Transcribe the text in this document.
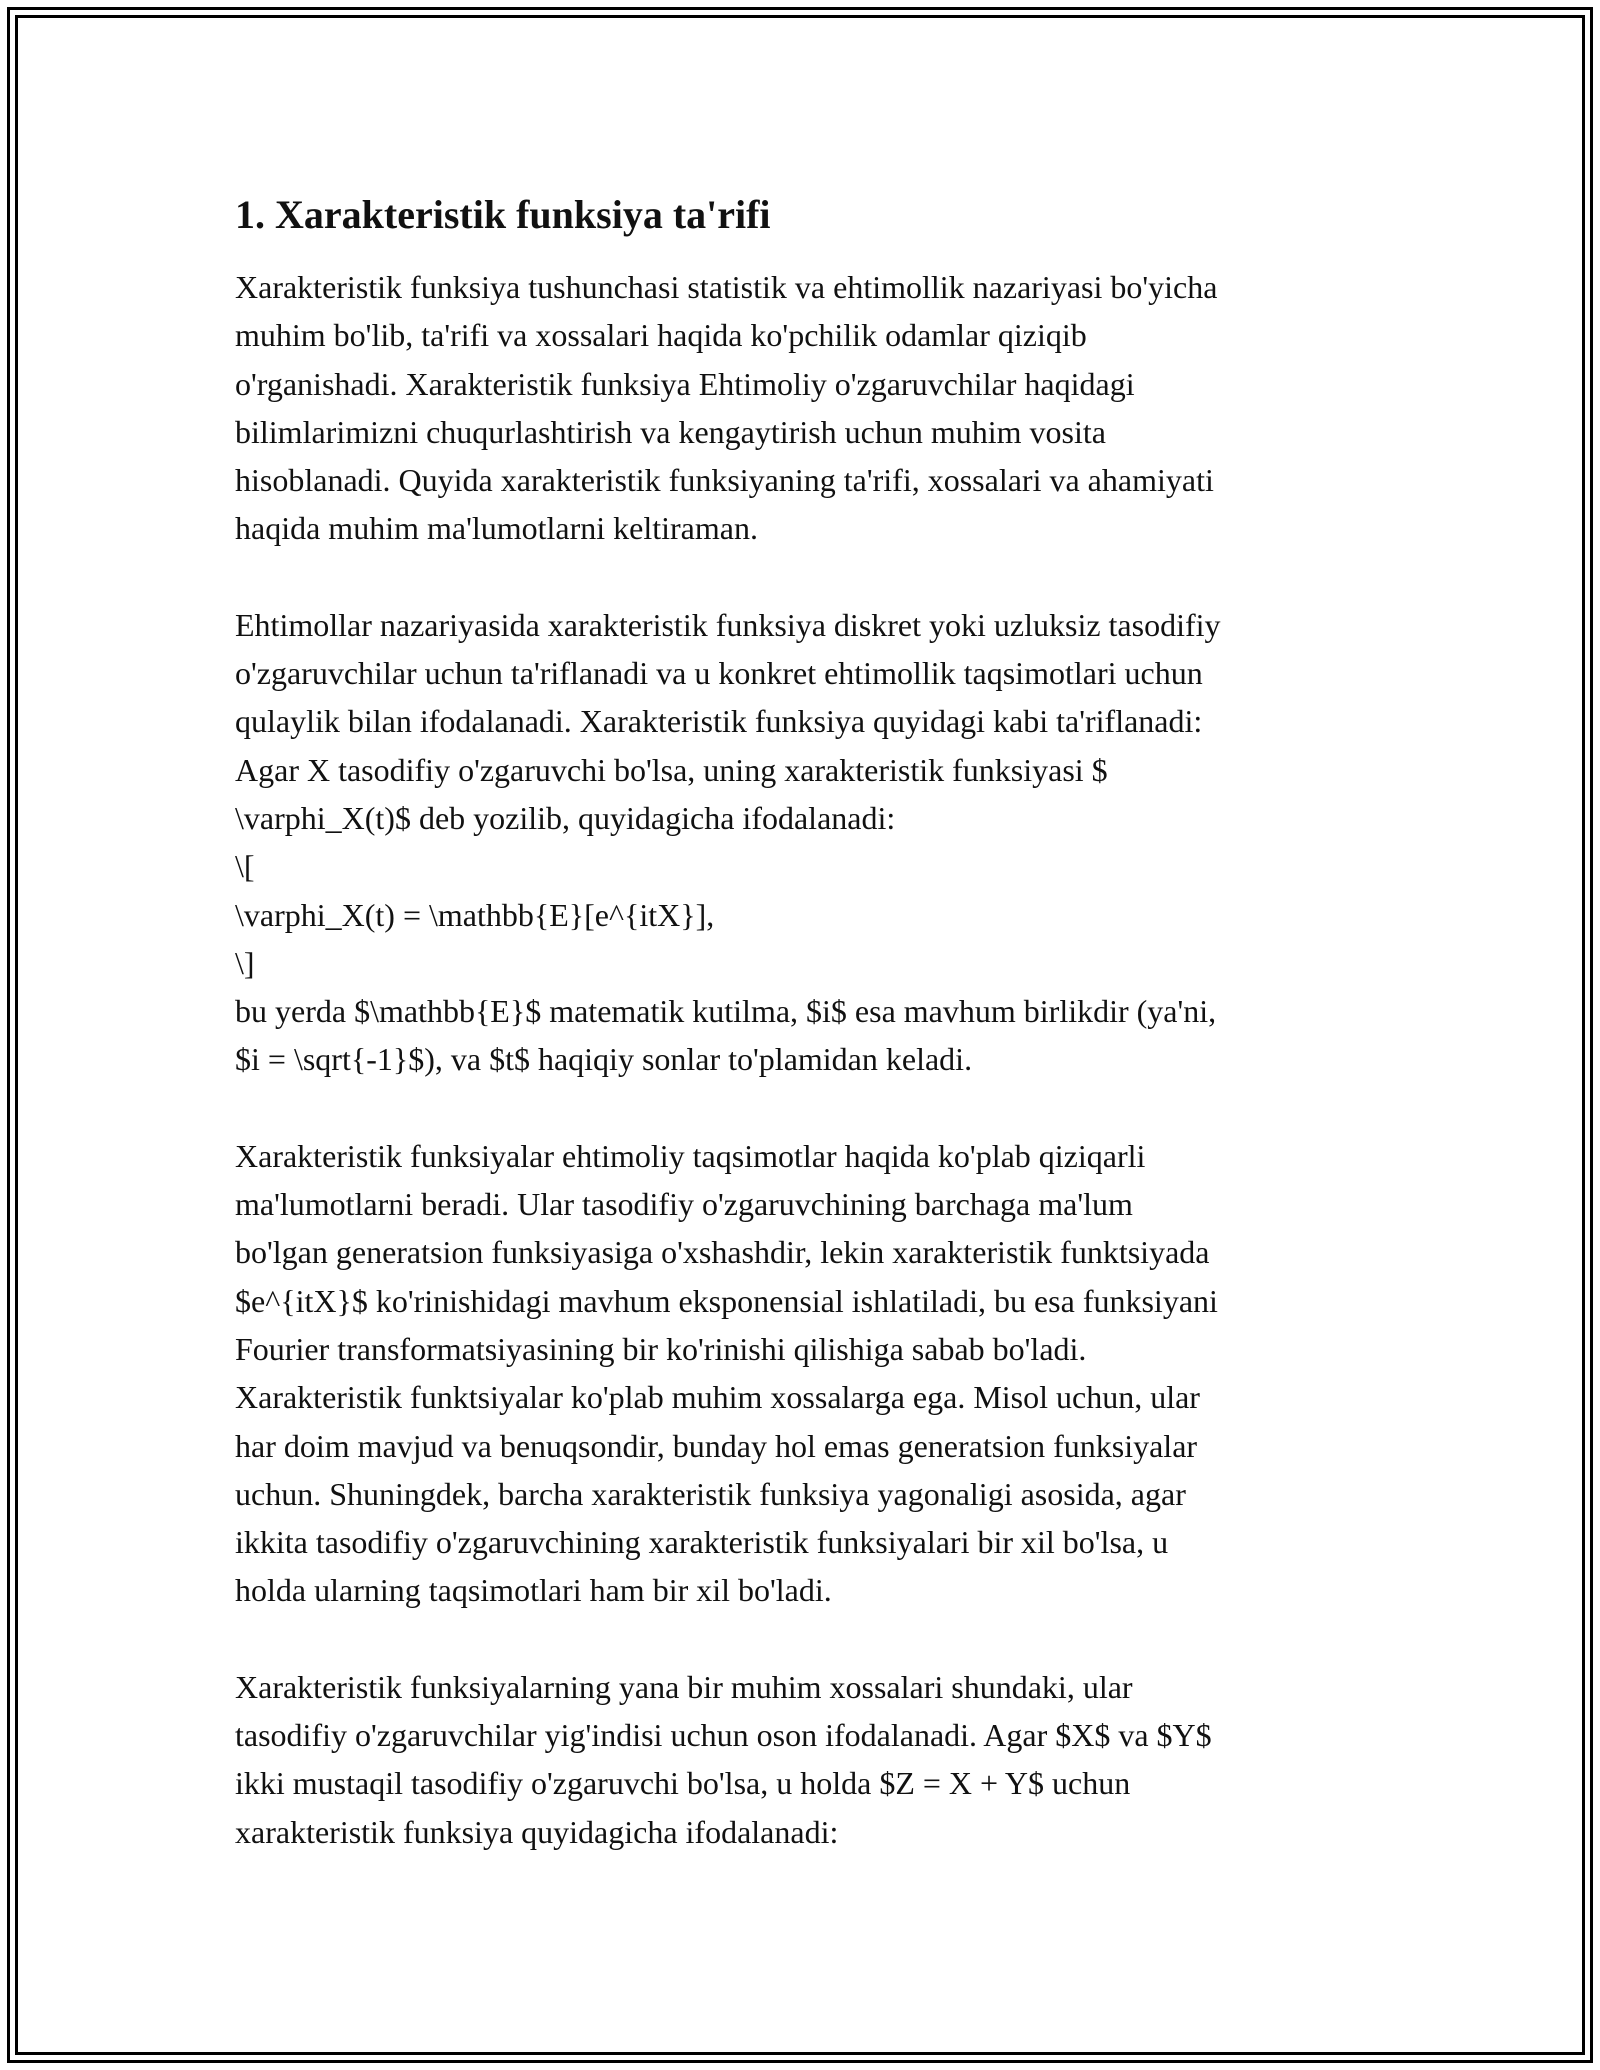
1. Xarakteristik funksiya ta'rifi
Xarakteristik funksiya tushunchasi statistik va ehtimollik nazariyasi bo'yicha
muhim bo'lib, ta'rifi va xossalari haqida ko'pchilik odamlar qiziqib
o'rganishadi. Xarakteristik funksiya Ehtimoliy o'zgaruvchilar haqidagi
bilimlarimizni chuqurlashtirish va kengaytirish uchun muhim vosita
hisoblanadi. Quyida xarakteristik funksiyaning ta'rifi, xossalari va ahamiyati
haqida muhim ma'lumotlarni keltiraman.
Ehtimollar nazariyasida xarakteristik funksiya diskret yoki uzluksiz tasodifiy
o'zgaruvchilar uchun ta'riflanadi va u konkret ehtimollik taqsimotlari uchun
qulaylik bilan ifodalanadi. Xarakteristik funksiya quyidagi kabi ta'riflanadi:
Agar X tasodifiy o'zgaruvchi bo'lsa, uning xarakteristik funksiyasi $
\varphi_X(t)$ deb yozilib, quyidagicha ifodalanadi:
\[
\varphi_X(t) = \mathbb{E}[e^{itX}],
\]
bu yerda $\mathbb{E}$ matematik kutilma, $i$ esa mavhum birlikdir (ya'ni,
$i = \sqrt{-1}$), va $t$ haqiqiy sonlar to'plamidan keladi.
Xarakteristik funksiyalar ehtimoliy taqsimotlar haqida ko'plab qiziqarli
ma'lumotlarni beradi. Ular tasodifiy o'zgaruvchining barchaga ma'lum
bo'lgan generatsion funksiyasiga o'xshashdir, lekin xarakteristik funktsiyada
$e^{itX}$ ko'rinishidagi mavhum eksponensial ishlatiladi, bu esa funksiyani
Fourier transformatsiyasining bir ko'rinishi qilishiga sabab bo'ladi.
Xarakteristik funktsiyalar ko'plab muhim xossalarga ega. Misol uchun, ular
har doim mavjud va benuqsondir, bunday hol emas generatsion funksiyalar
uchun. Shuningdek, barcha xarakteristik funksiya yagonaligi asosida, agar
ikkita tasodifiy o'zgaruvchining xarakteristik funksiyalari bir xil bo'lsa, u
holda ularning taqsimotlari ham bir xil bo'ladi.
Xarakteristik funksiyalarning yana bir muhim xossalari shundaki, ular
tasodifiy o'zgaruvchilar yig'indisi uchun oson ifodalanadi. Agar $X$ va $Y$
ikki mustaqil tasodifiy o'zgaruvchi bo'lsa, u holda $Z = X + Y$ uchun
xarakteristik funksiya quyidagicha ifodalanadi:
